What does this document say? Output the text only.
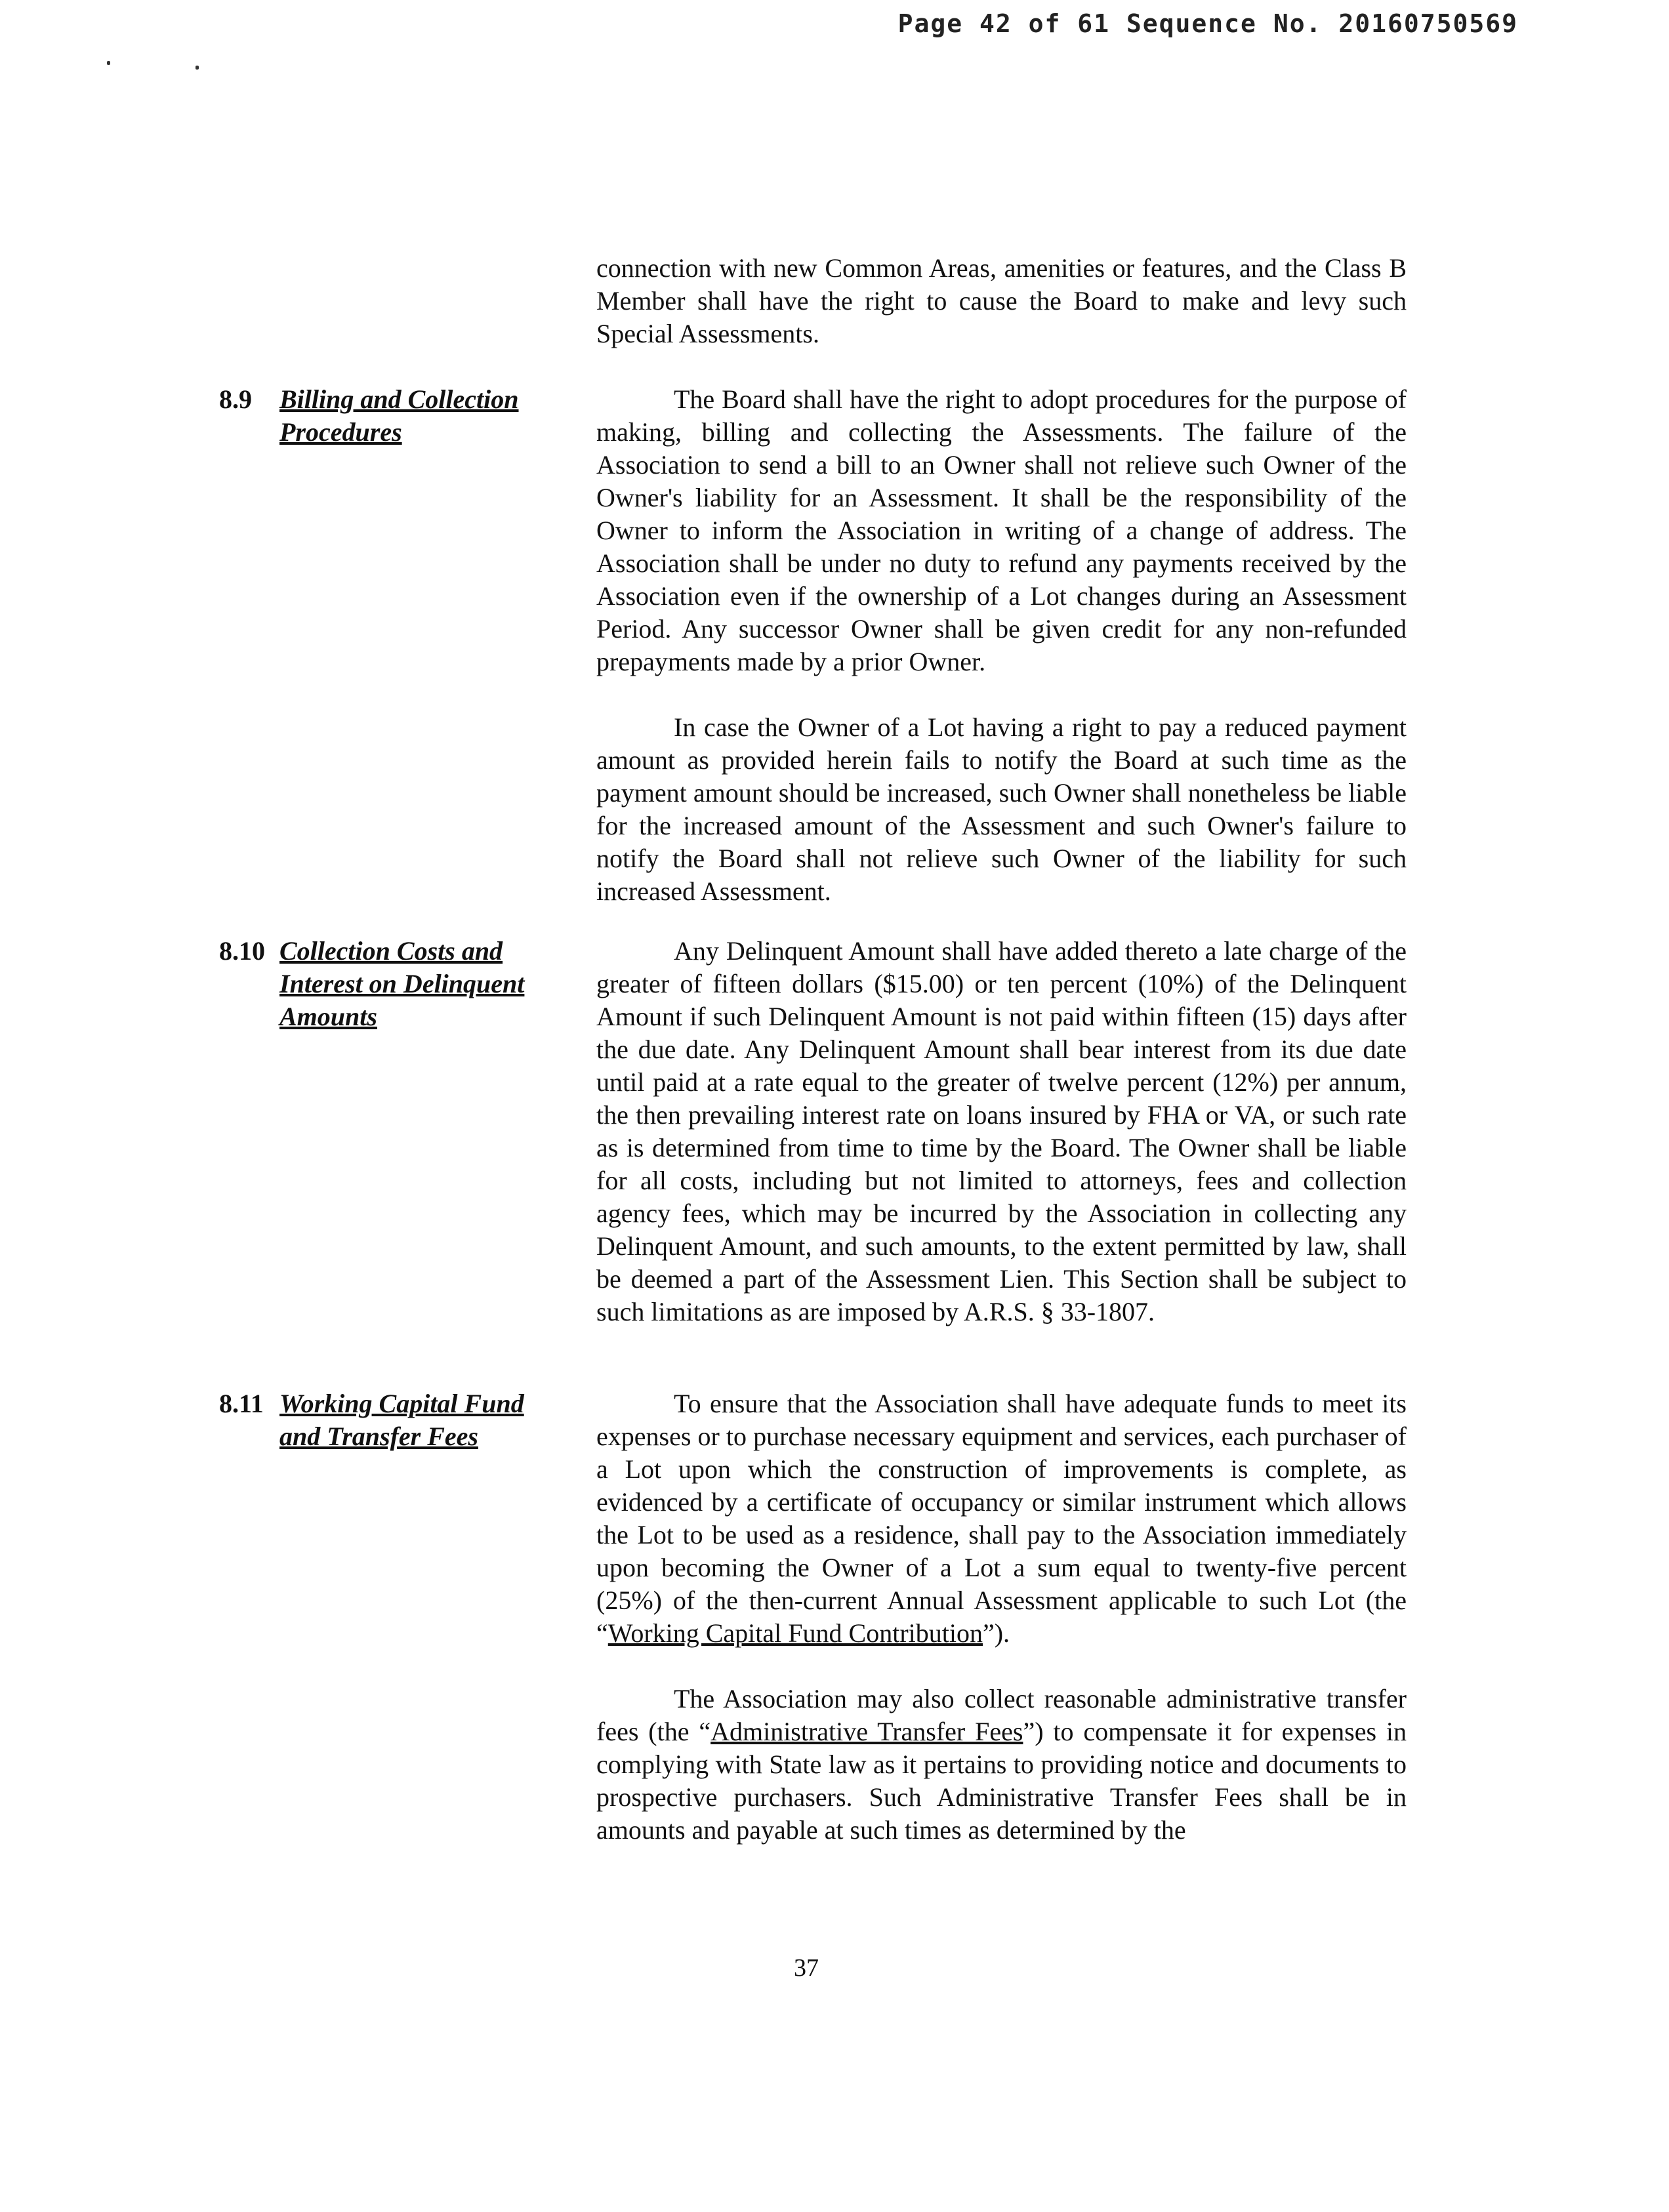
Page 42 of 61 Sequence No. 20160750569

connection with new Common Areas, amenities or features, and the Class B Member shall have the right to cause the Board to make and levy such Special Assessments.

8.9 Billing and Collection Procedures

The Board shall have the right to adopt procedures for the purpose of making, billing and collecting the Assessments. The failure of the Association to send a bill to an Owner shall not relieve such Owner of the Owner's liability for an Assessment. It shall be the responsibility of the Owner to inform the Association in writing of a change of address. The Association shall be under no duty to refund any payments received by the Association even if the ownership of a Lot changes during an Assessment Period. Any successor Owner shall be given credit for any non-refunded prepayments made by a prior Owner.

In case the Owner of a Lot having a right to pay a reduced payment amount as provided herein fails to notify the Board at such time as the payment amount should be increased, such Owner shall nonetheless be liable for the increased amount of the Assessment and such Owner's failure to notify the Board shall not relieve such Owner of the liability for such increased Assessment.

8.10 Collection Costs and Interest on Delinquent Amounts

Any Delinquent Amount shall have added thereto a late charge of the greater of fifteen dollars ($15.00) or ten percent (10%) of the Delinquent Amount if such Delinquent Amount is not paid within fifteen (15) days after the due date. Any Delinquent Amount shall bear interest from its due date until paid at a rate equal to the greater of twelve percent (12%) per annum, the then prevailing interest rate on loans insured by FHA or VA, or such rate as is determined from time to time by the Board. The Owner shall be liable for all costs, including but not limited to attorneys, fees and collection agency fees, which may be incurred by the Association in collecting any Delinquent Amount, and such amounts, to the extent permitted by law, shall be deemed a part of the Assessment Lien. This Section shall be subject to such limitations as are imposed by A.R.S. § 33-1807.

8.11 Working Capital Fund and Transfer Fees

To ensure that the Association shall have adequate funds to meet its expenses or to purchase necessary equipment and services, each purchaser of a Lot upon which the construction of improvements is complete, as evidenced by a certificate of occupancy or similar instrument which allows the Lot to be used as a residence, shall pay to the Association immediately upon becoming the Owner of a Lot a sum equal to twenty-five percent (25%) of the then-current Annual Assessment applicable to such Lot (the “Working Capital Fund Contribution”).

The Association may also collect reasonable administrative transfer fees (the “Administrative Transfer Fees”) to compensate it for expenses in complying with State law as it pertains to providing notice and documents to prospective purchasers. Such Administrative Transfer Fees shall be in amounts and payable at such times as determined by the

37
